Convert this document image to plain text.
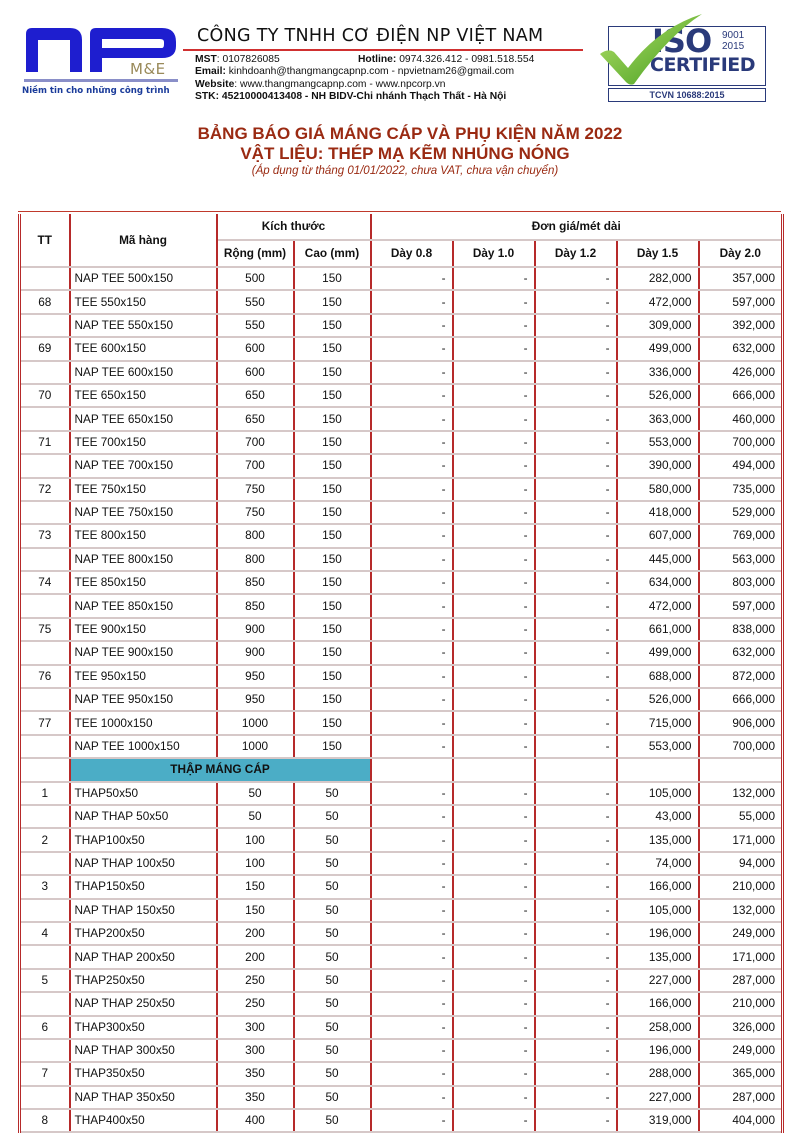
M&E
Niềm tin cho những công trình
CÔNG TY TNHH CƠ ĐIỆN NP VIỆT NAM
MST: 0107826085	Hotline: 0974.326.412 - 0981.518.554
Email: kinhdoanh@thangmangcapnp.com - npvietnam26@gmail.com
Website: www.thangmangcapnp.com - www.npcorp.vn
STK: 45210000413408 - NH BIDV-Chi nhánh Thạch Thất - Hà Nội
ISO 9001
2015
CERTIFIED
TCVN 10688:2015
BẢNG BÁO GIÁ MÁNG CÁP VÀ PHỤ KIỆN NĂM 2022
VẬT LIỆU: THÉP MẠ KẼM NHÚNG NÓNG
(Áp dụng từ tháng 01/01/2022, chưa VAT, chưa vận chuyển)
TT	Mã hàng	Kích thước		Đơn giá/mét dài				
		Rộng (mm)	Cao (mm)	Dày 0.8	Dày 1.0	Dày 1.2	Dày 1.5	Dày 2.0
	NAP TEE 500x150	500	150	-	-	-	282,000	357,000
68	TEE 550x150	550	150	-	-	-	472,000	597,000
	NAP TEE 550x150	550	150	-	-	-	309,000	392,000
69	TEE 600x150	600	150	-	-	-	499,000	632,000
	NAP TEE 600x150	600	150	-	-	-	336,000	426,000
70	TEE 650x150	650	150	-	-	-	526,000	666,000
	NAP TEE 650x150	650	150	-	-	-	363,000	460,000
71	TEE 700x150	700	150	-	-	-	553,000	700,000
	NAP TEE 700x150	700	150	-	-	-	390,000	494,000
72	TEE 750x150	750	150	-	-	-	580,000	735,000
	NAP TEE 750x150	750	150	-	-	-	418,000	529,000
73	TEE 800x150	800	150	-	-	-	607,000	769,000
	NAP TEE 800x150	800	150	-	-	-	445,000	563,000
74	TEE 850x150	850	150	-	-	-	634,000	803,000
	NAP TEE 850x150	850	150	-	-	-	472,000	597,000
75	TEE 900x150	900	150	-	-	-	661,000	838,000
	NAP TEE 900x150	900	150	-	-	-	499,000	632,000
76	TEE 950x150	950	150	-	-	-	688,000	872,000
	NAP TEE 950x150	950	150	-	-	-	526,000	666,000
77	TEE 1000x150	1000	150	-	-	-	715,000	906,000
	NAP TEE 1000x150	1000	150	-	-	-	553,000	700,000
	THẬP MÁNG CÁP							
1	THAP50x50	50	50	-	-	-	105,000	132,000
	NAP THAP 50x50	50	50	-	-	-	43,000	55,000
2	THAP100x50	100	50	-	-	-	135,000	171,000
	NAP THAP 100x50	100	50	-	-	-	74,000	94,000
3	THAP150x50	150	50	-	-	-	166,000	210,000
	NAP THAP 150x50	150	50	-	-	-	105,000	132,000
4	THAP200x50	200	50	-	-	-	196,000	249,000
	NAP THAP 200x50	200	50	-	-	-	135,000	171,000
5	THAP250x50	250	50	-	-	-	227,000	287,000
	NAP THAP 250x50	250	50	-	-	-	166,000	210,000
6	THAP300x50	300	50	-	-	-	258,000	326,000
	NAP THAP 300x50	300	50	-	-	-	196,000	249,000
7	THAP350x50	350	50	-	-	-	288,000	365,000
	NAP THAP 350x50	350	50	-	-	-	227,000	287,000
8	THAP400x50	400	50	-	-	-	319,000	404,000
